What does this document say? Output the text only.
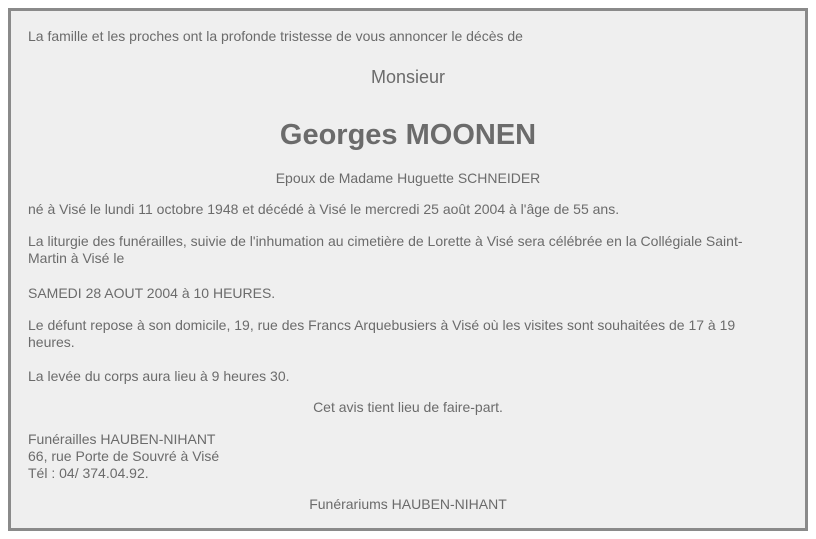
La famille et les proches ont la profonde tristesse de vous annoncer le décès de

Monsieur

Georges MOONEN

Epoux de Madame Huguette SCHNEIDER

né à Visé le lundi 11 octobre 1948 et décédé à Visé le mercredi 25 août 2004 à l'âge de 55 ans.

La liturgie des funérailles, suivie de l'inhumation au cimetière de Lorette à Visé sera célébrée en la Collégiale Saint-Martin à Visé le

SAMEDI 28 AOUT 2004 à 10 HEURES.

Le défunt repose à son domicile, 19, rue des Francs Arquebusiers à Visé où les visites sont souhaitées de 17 à 19 heures.

La levée du corps aura lieu à 9 heures 30.

Cet avis tient lieu de faire-part.

Funérailles HAUBEN-NIHANT
66, rue Porte de Souvré à Visé
Tél : 04/ 374.04.92.

Funérariums HAUBEN-NIHANT
